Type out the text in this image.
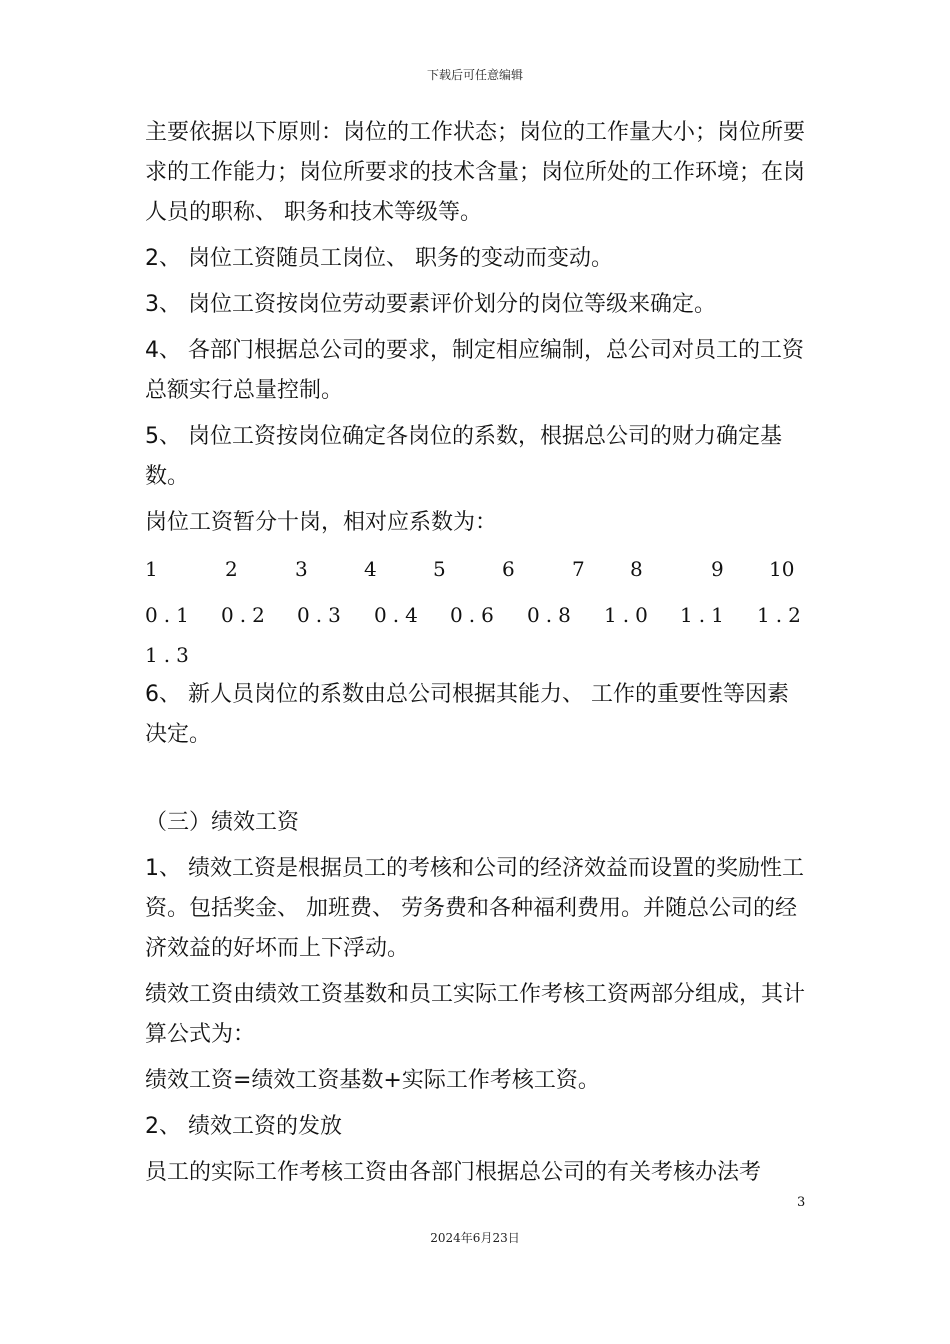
下载后可任意编辑

主要依据以下原则：岗位的工作状态；岗位的工作量大小；岗位所要求的工作能力；岗位所要求的技术含量；岗位所处的工作环境；在岗人员的职称、 职务和技术等级等。

2、 岗位工资随员工岗位、 职务的变动而变动。

3、 岗位工资按岗位劳动要素评价划分的岗位等级来确定。

4、 各部门根据总公司的要求，制定相应编制，总公司对员工的工资总额实行总量控制。

5、 岗位工资按岗位确定各岗位的系数，根据总公司的财力确定基数。

岗位工资暂分十岗，相对应系数为：

1	2	3	4	5	6	7 8	9 10
0.1 0.2 0.3 0.4 0.6 0.8 1.0 1.1 1.2
1.3

6、 新人员岗位的系数由总公司根据其能力、 工作的重要性等因素决定。

（三）绩效工资

1、 绩效工资是根据员工的考核和公司的经济效益而设置的奖励性工资。包括奖金、 加班费、 劳务费和各种福利费用。并随总公司的经济效益的好坏而上下浮动。

绩效工资由绩效工资基数和员工实际工作考核工资两部分组成，其计算公式为：

绩效工资=绩效工资基数+实际工作考核工资。

2、 绩效工资的发放

员工的实际工作考核工资由各部门根据总公司的有关考核办法考

3
2024年6月23日
